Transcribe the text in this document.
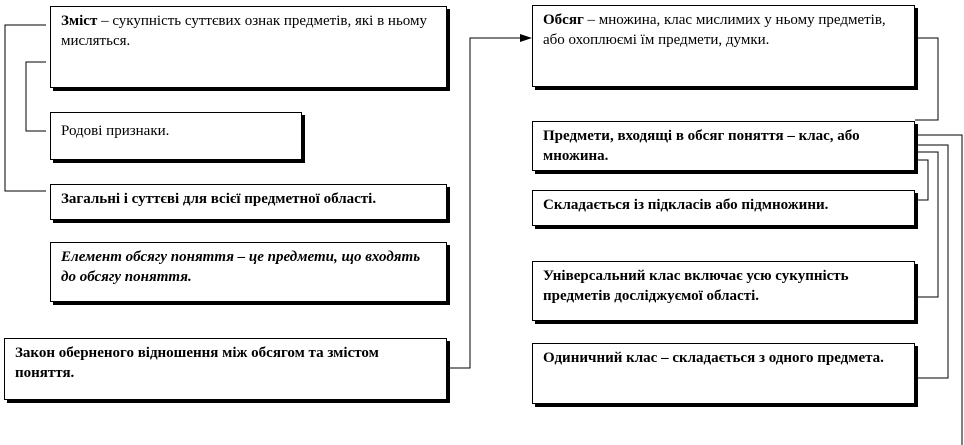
Зміст – сукупність суттєвих ознак предметів, які в ньому мисляться.
Родові признаки.
Загальні і суттєві для всієї предметної області.
Елемент обсягу поняття – це предмети, що входять до обсягу поняття.
Закон оберненого відношення між обсягом та змістом поняття.
Обсяг – множина, клас мислимих у ньому предметів, або охоплюємі їм предмети, думки.
Предмети, входящі в обсяг поняття – клас, або множина.
Складається із підкласів або підмножини.
Універсальний клас включає усю сукупність предметів досліджуємої області.
Одиничний клас – складається з одного предмета.
